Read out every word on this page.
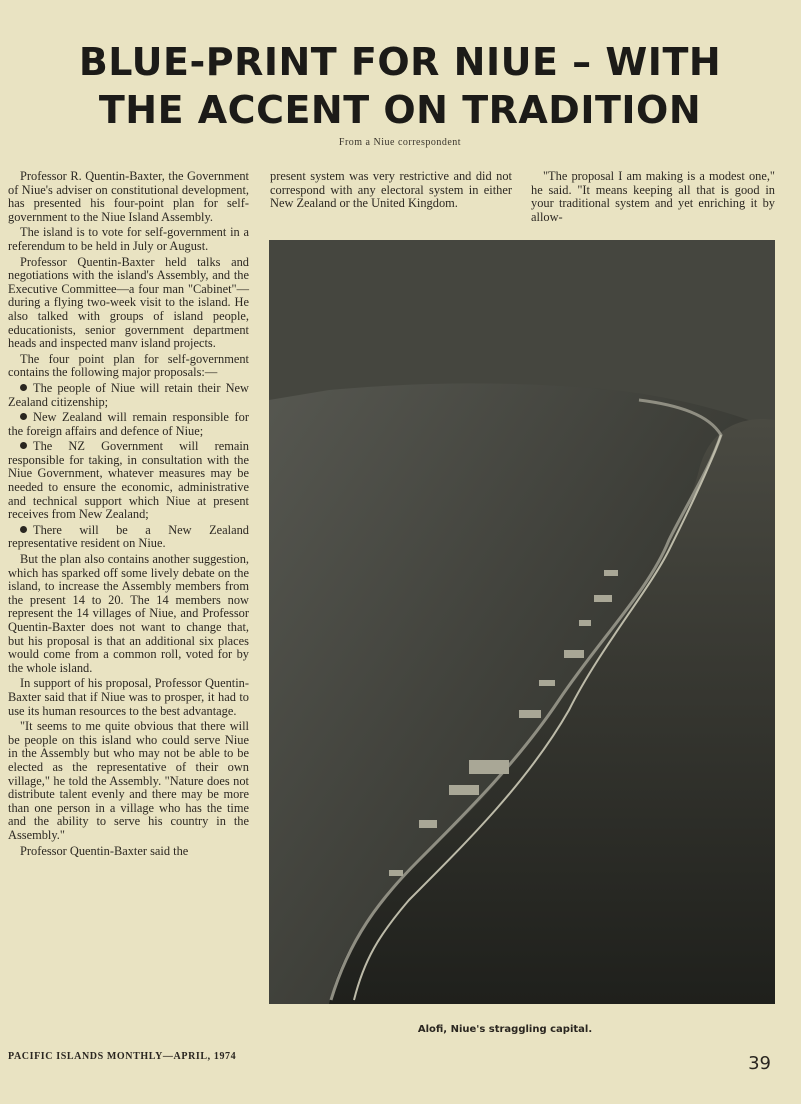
BLUE-PRINT FOR NIUE – WITH
THE ACCENT ON TRADITION
From a Niue correspondent

Professor R. Quentin-Baxter, the Government of Niue's adviser on constitutional development, has presented his four-point plan for self-government to the Niue Island Assembly.

The island is to vote for self-government in a referendum to be held in July or August.

Professor Quentin-Baxter held talks and negotiations with the island's Assembly, and the Executive Committee—a four man "Cabinet"—during a flying two-week visit to the island. He also talked with groups of island people, educationists, senior government department heads and inspected manv island projects.

The four point plan for self-government contains the following major proposals:—

The people of Niue will retain their New Zealand citizenship;

New Zealand will remain responsible for the foreign affairs and defence of Niue;

The NZ Government will remain responsible for taking, in consultation with the Niue Government, whatever measures may be needed to ensure the economic, administrative and technical support which Niue at present receives from New Zealand;

There will be a New Zealand representative resident on Niue.

But the plan also contains another suggestion, which has sparked off some lively debate on the island, to increase the Assembly members from the present 14 to 20. The 14 members now represent the 14 villages of Niue, and Professor Quentin-Baxter does not want to change that, but his proposal is that an additional six places would come from a common roll, voted for by the whole island.

In support of his proposal, Professor Quentin-Baxter said that if Niue was to prosper, it had to use its human resources to the best advantage.

"It seems to me quite obvious that there will be people on this island who could serve Niue in the Assembly but who may not be able to be elected as the representative of their own village," he told the Assembly. "Nature does not distribute talent evenly and there may be more than one person in a village who has the time and the ability to serve his country in the Assembly."

Professor Quentin-Baxter said the

present system was very restrictive and did not correspond with any electoral system in either New Zealand or the United Kingdom.

"The proposal I am making is a modest one," he said. "It means keeping all that is good in your traditional system and yet enriching it by allow-

Alofi, Niue's straggling capital.
PACIFIC ISLANDS MONTHLY—APRIL, 1974	39
